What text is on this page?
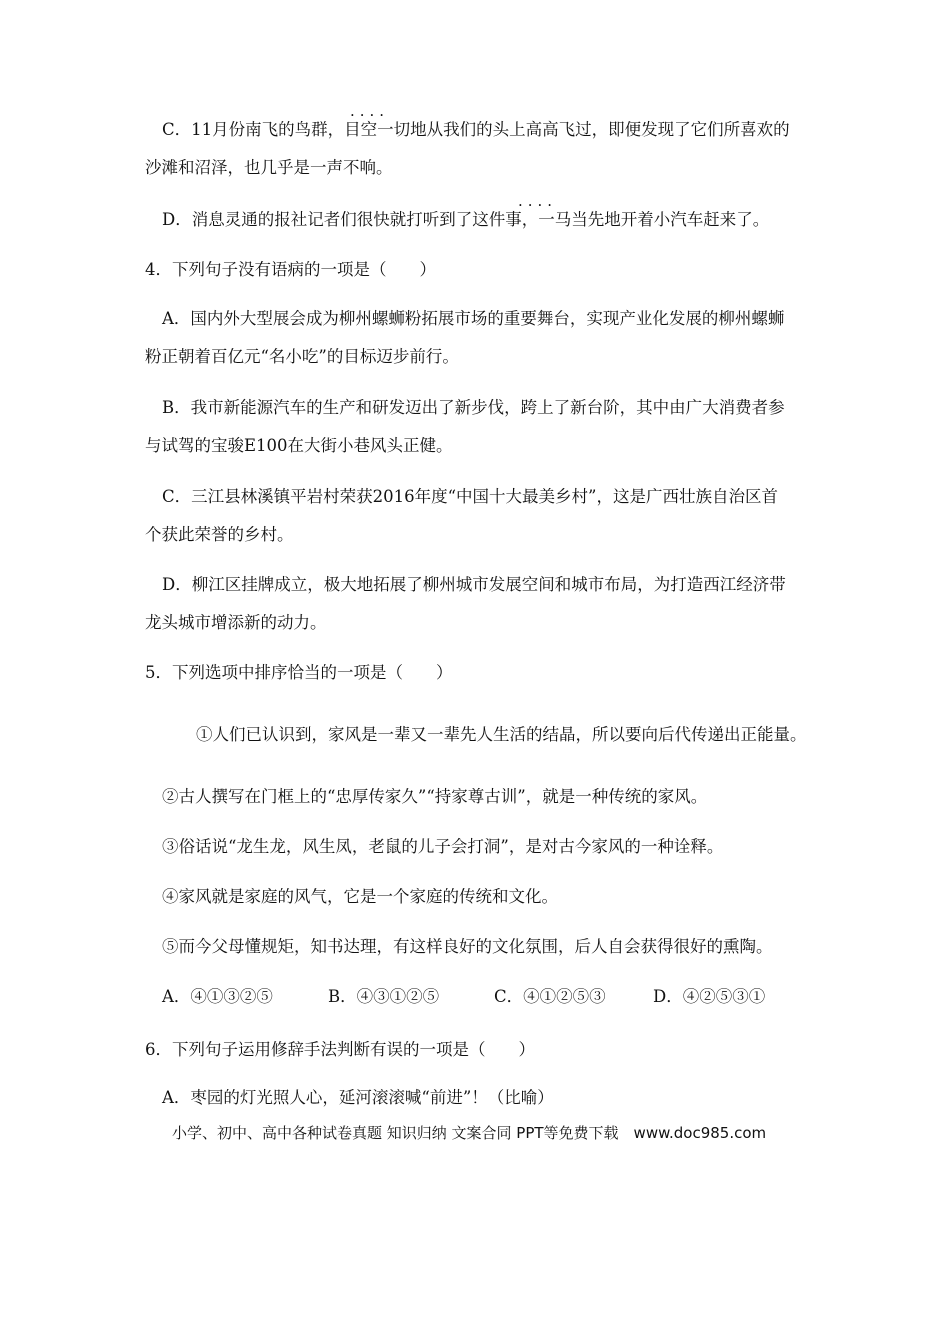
····
C．11月份南飞的鸟群，目空一切地从我们的头上高高飞过，即便发现了它们所喜欢的
沙滩和沼泽，也几乎是一声不响。
····
D．消息灵通的报社记者们很快就打听到了这件事，一马当先地开着小汽车赶来了。
4．下列句子没有语病的一项是（　　）
A．国内外大型展会成为柳州螺蛳粉拓展市场的重要舞台，实现产业化发展的柳州螺蛳
粉正朝着百亿元“名小吃”的目标迈步前行。
B．我市新能源汽车的生产和研发迈出了新步伐，跨上了新台阶，其中由广大消费者参
与试驾的宝骏E100在大街小巷风头正健。
C．三江县林溪镇平岩村荣获2016年度“中国十大最美乡村”，这是广西壮族自治区首
个获此荣誉的乡村。
D．柳江区挂牌成立，极大地拓展了柳州城市发展空间和城市布局，为打造西江经济带
龙头城市增添新的动力。
5．下列选项中排序恰当的一项是（　　）
①人们已认识到，家风是一辈又一辈先人生活的结晶，所以要向后代传递出正能量。
②古人撰写在门框上的“忠厚传家久”“持家尊古训”，就是一种传统的家风。
③俗话说“龙生龙，风生凤，老鼠的儿子会打洞”，是对古今家风的一种诠释。
④家风就是家庭的风气，它是一个家庭的传统和文化。
⑤而今父母懂规矩，知书达理，有这样良好的文化氛围，后人自会获得很好的熏陶。
A．④①③②⑤	B．④③①②⑤	C．④①②⑤③	D．④②⑤③①
6．下列句子运用修辞手法判断有误的一项是（　　）
A．枣园的灯光照人心，延河滚滚喊“前进”！（比喻）
小学、初中、高中各种试卷真题 知识归纳 文案合同 PPT等免费下载　www.doc985.com
